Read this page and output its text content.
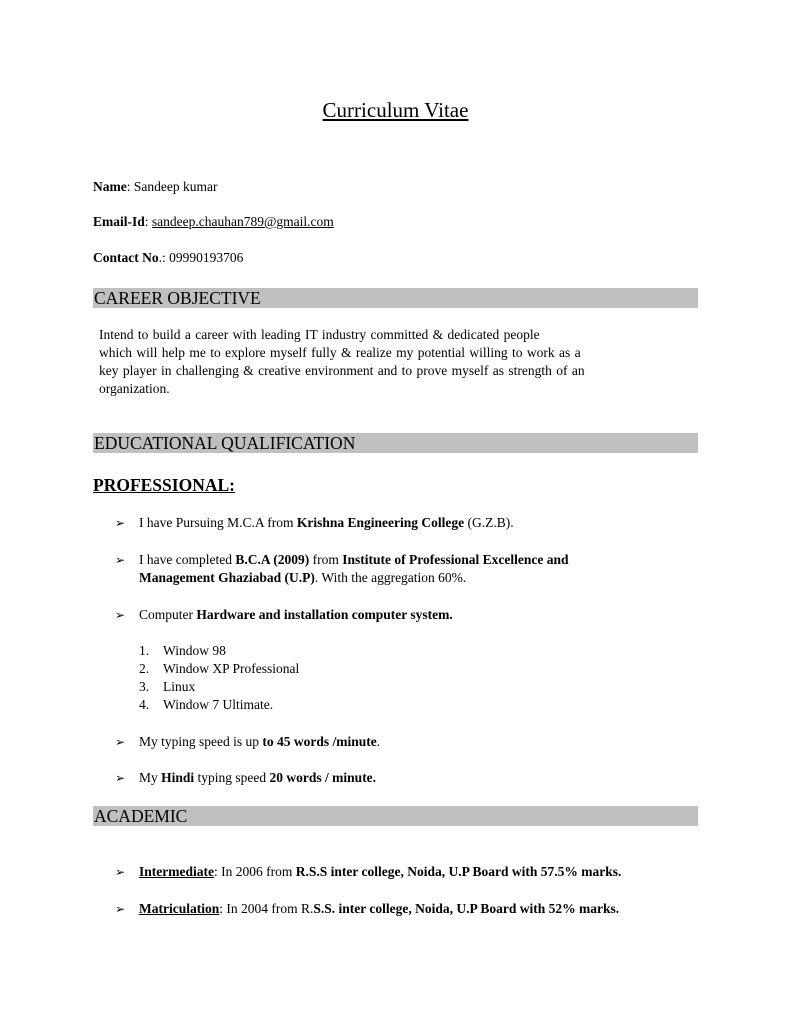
Curriculum Vitae
Name: Sandeep kumar
Email-Id: sandeep.chauhan789@gmail.com
Contact No.: 09990193706
CAREER OBJECTIVE
Intend to build a career with leading IT industry committed & dedicated people
which will help me to explore myself fully & realize my potential willing to work as a
key player in challenging & creative environment and to prove myself as strength of an
organization.
EDUCATIONAL QUALIFICATION
PROFESSIONAL:
➢	I have Pursuing M.C.A from Krishna Engineering College (G.Z.B).
➢	I have completed B.C.A (2009) from Institute of Professional Excellence and
Management Ghaziabad (U.P). With the aggregation 60%.
➢	Computer Hardware and installation computer system.
1. Window 98
2. Window XP Professional
3. Linux
4. Window 7 Ultimate.
➢	My typing speed is up to 45 words /minute.
➢	My Hindi typing speed 20 words / minute.
ACADEMIC
➢	Intermediate: In 2006 from R.S.S inter college, Noida, U.P Board with 57.5% marks.
➢	Matriculation: In 2004 from R.S.S. inter college, Noida, U.P Board with 52% marks.
